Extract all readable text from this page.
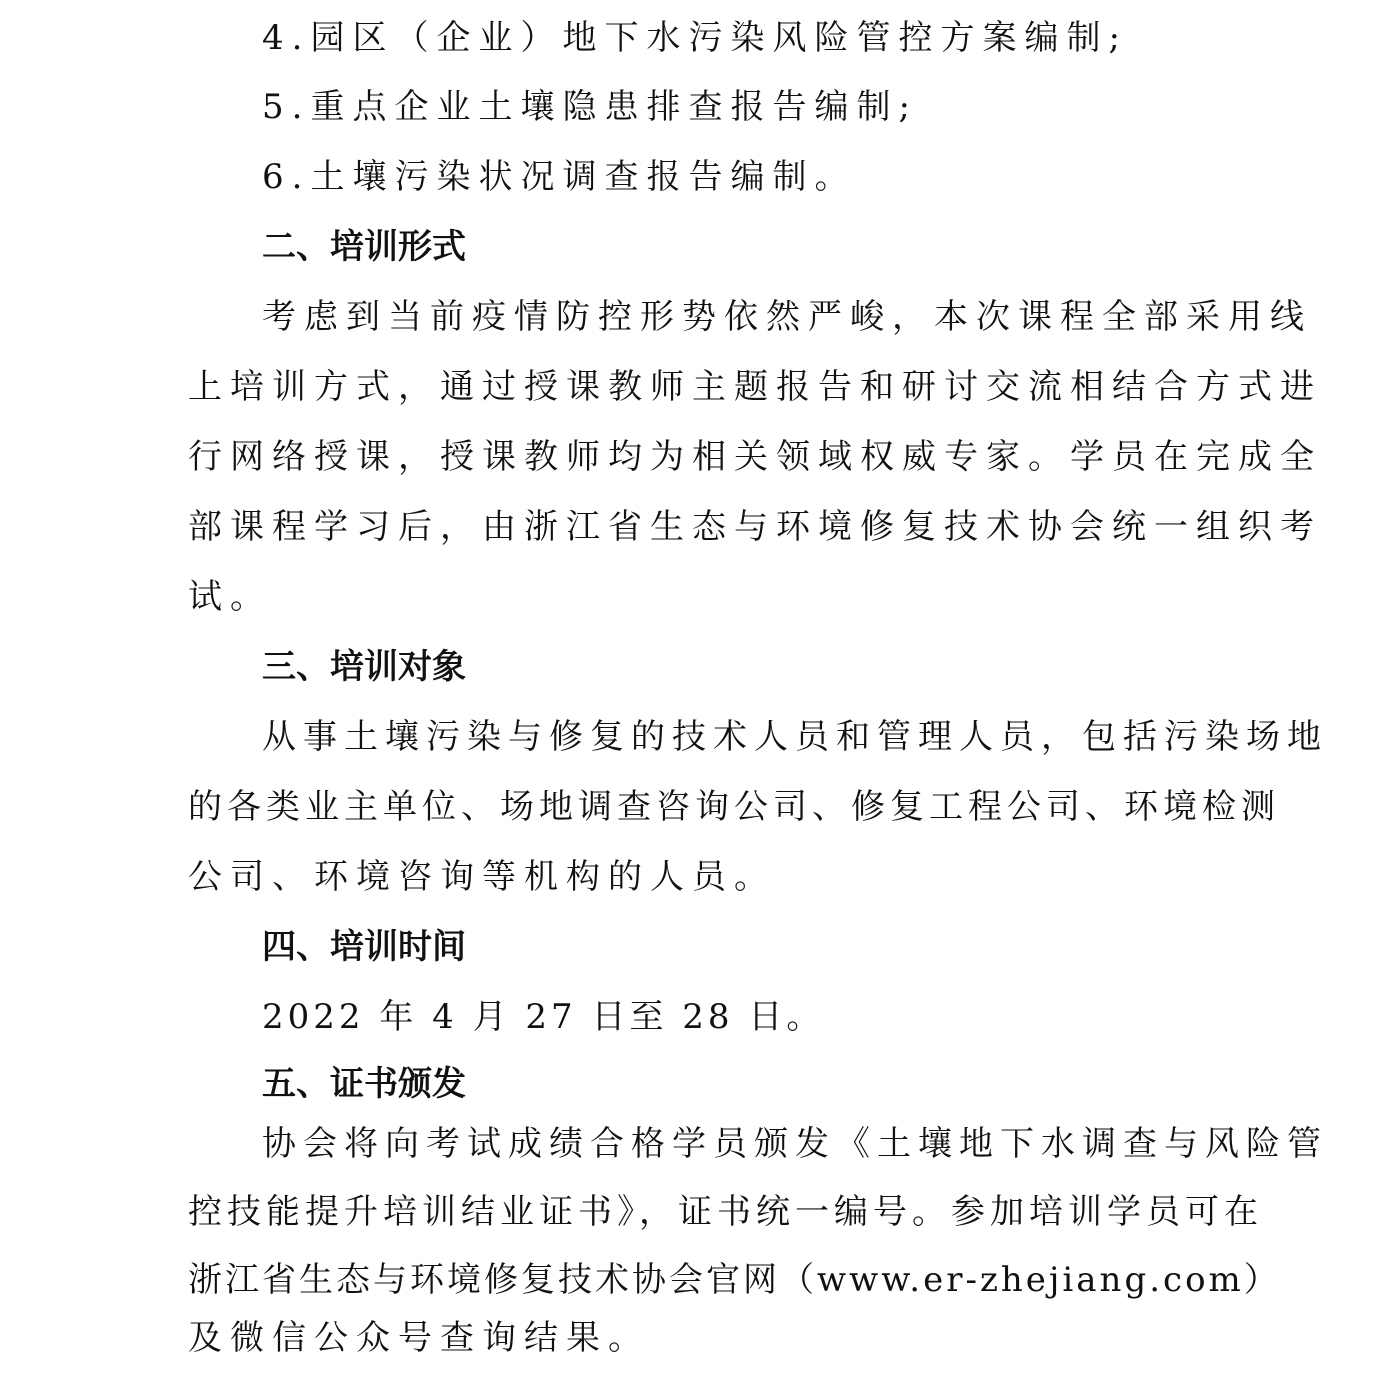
4.园区（企业）地下水污染风险管控方案编制;
5.重点企业土壤隐患排查报告编制;
6.土壤污染状况调查报告编制。
二、培训形式
考虑到当前疫情防控形势依然严峻，本次课程全部采用线
上培训方式，通过授课教师主题报告和研讨交流相结合方式进
行网络授课，授课教师均为相关领域权威专家。学员在完成全
部课程学习后，由浙江省生态与环境修复技术协会统一组织考
试。
三、培训对象
从事土壤污染与修复的技术人员和管理人员，包括污染场地
的各类业主单位、场地调查咨询公司、修复工程公司、环境检测
公司、环境咨询等机构的人员。
四、培训时间
2022 年 4 月 27 日至 28 日。
五、证书颁发
协会将向考试成绩合格学员颁发《土壤地下水调查与风险管
控技能提升培训结业证书》，证书统一编号。参加培训学员可在
浙江省生态与环境修复技术协会官网（www.er-zhejiang.com）
及微信公众号查询结果。
